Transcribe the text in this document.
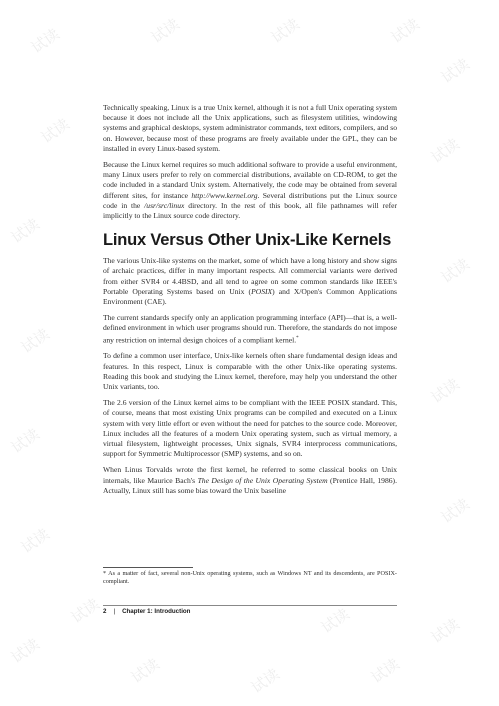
试读	试读	试读	试读
试读
试读
试读
试读
试读
试读
试读
试读
试读
试读
试读
试读
试读	试读	试读
试读	试读

Technically speaking, Linux is a true Unix kernel, although it is not a full Unix operating system because it does not include all the Unix applications, such as filesystem utilities, windowing systems and graphical desktops, system administrator commands, text editors, compilers, and so on. However, because most of these programs are freely available under the GPL, they can be installed in every Linux-based system.

Because the Linux kernel requires so much additional software to provide a useful environment, many Linux users prefer to rely on commercial distributions, available on CD-ROM, to get the code included in a standard Unix system. Alternatively, the code may be obtained from several different sites, for instance http://www.kernel.org. Several distributions put the Linux source code in the /usr/src/linux directory. In the rest of this book, all file pathnames will refer implicitly to the Linux source code directory.

Linux Versus Other Unix-Like Kernels

The various Unix-like systems on the market, some of which have a long history and show signs of archaic practices, differ in many important respects. All commercial variants were derived from either SVR4 or 4.4BSD, and all tend to agree on some common standards like IEEE's Portable Operating Systems based on Unix (POSIX) and X/Open's Common Applications Environment (CAE).

The current standards specify only an application programming interface (API)—that is, a well-defined environment in which user programs should run. Therefore, the standards do not impose any restriction on internal design choices of a compliant kernel.*

To define a common user interface, Unix-like kernels often share fundamental design ideas and features. In this respect, Linux is comparable with the other Unix-like operating systems. Reading this book and studying the Linux kernel, therefore, may help you understand the other Unix variants, too.

The 2.6 version of the Linux kernel aims to be compliant with the IEEE POSIX standard. This, of course, means that most existing Unix programs can be compiled and executed on a Linux system with very little effort or even without the need for patches to the source code. Moreover, Linux includes all the features of a modern Unix operating system, such as virtual memory, a virtual filesystem, lightweight processes, Unix signals, SVR4 interprocess communications, support for Symmetric Multiprocessor (SMP) systems, and so on.

When Linus Torvalds wrote the first kernel, he referred to some classical books on Unix internals, like Maurice Bach's The Design of the Unix Operating System (Prentice Hall, 1986). Actually, Linux still has some bias toward the Unix baseline

* As a matter of fact, several non-Unix operating systems, such as Windows NT and its descendents, are POSIX-compliant.

2 | Chapter 1: Introduction
